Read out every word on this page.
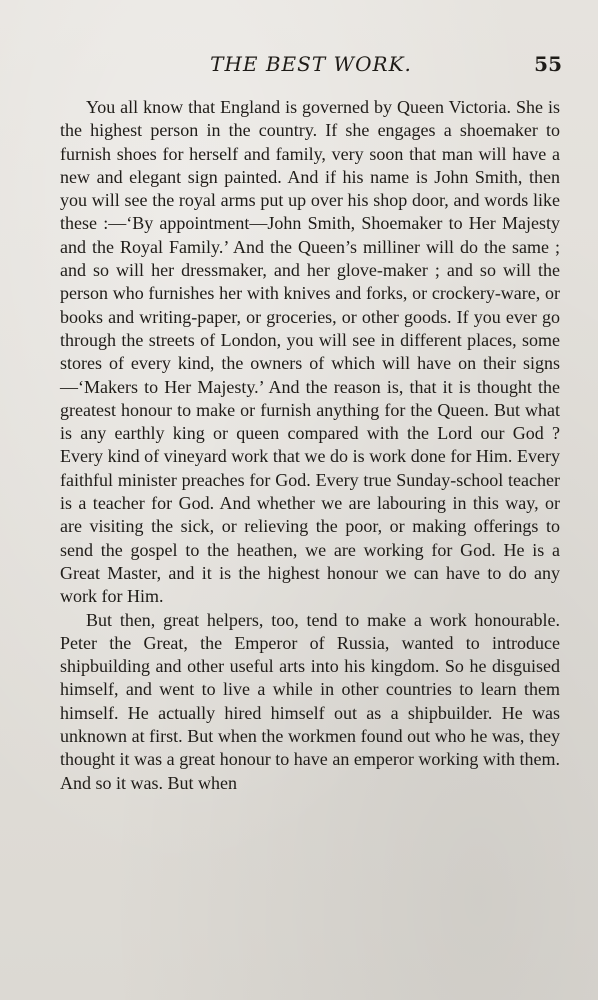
THE BEST WORK.	55

You all know that England is governed by Queen Victoria. She is the highest person in the country. If she engages a shoemaker to furnish shoes for herself and family, very soon that man will have a new and elegant sign painted. And if his name is John Smith, then you will see the royal arms put up over his shop door, and words like these :—‘By appointment—John Smith, Shoemaker to Her Majesty and the Royal Family.’ And the Queen’s milliner will do the same ; and so will her dressmaker, and her glove-maker ; and so will the person who furnishes her with knives and forks, or crockery-ware, or books and writing-paper, or groceries, or other goods. If you ever go through the streets of London, you will see in different places, some stores of every kind, the owners of which will have on their signs—‘Makers to Her Majesty.’ And the reason is, that it is thought the greatest honour to make or furnish anything for the Queen. But what is any earthly king or queen compared with the Lord our God ? Every kind of vineyard work that we do is work done for Him. Every faithful minister preaches for God. Every true Sunday-school teacher is a teacher for God. And whether we are labouring in this way, or are visiting the sick, or relieving the poor, or making offerings to send the gospel to the heathen, we are working for God. He is a Great Master, and it is the highest honour we can have to do any work for Him.

But then, great helpers, too, tend to make a work honourable. Peter the Great, the Emperor of Russia, wanted to introduce shipbuilding and other useful arts into his kingdom. So he disguised himself, and went to live a while in other countries to learn them himself. He actually hired himself out as a shipbuilder. He was unknown at first. But when the workmen found out who he was, they thought it was a great honour to have an emperor working with them. And so it was. But when
